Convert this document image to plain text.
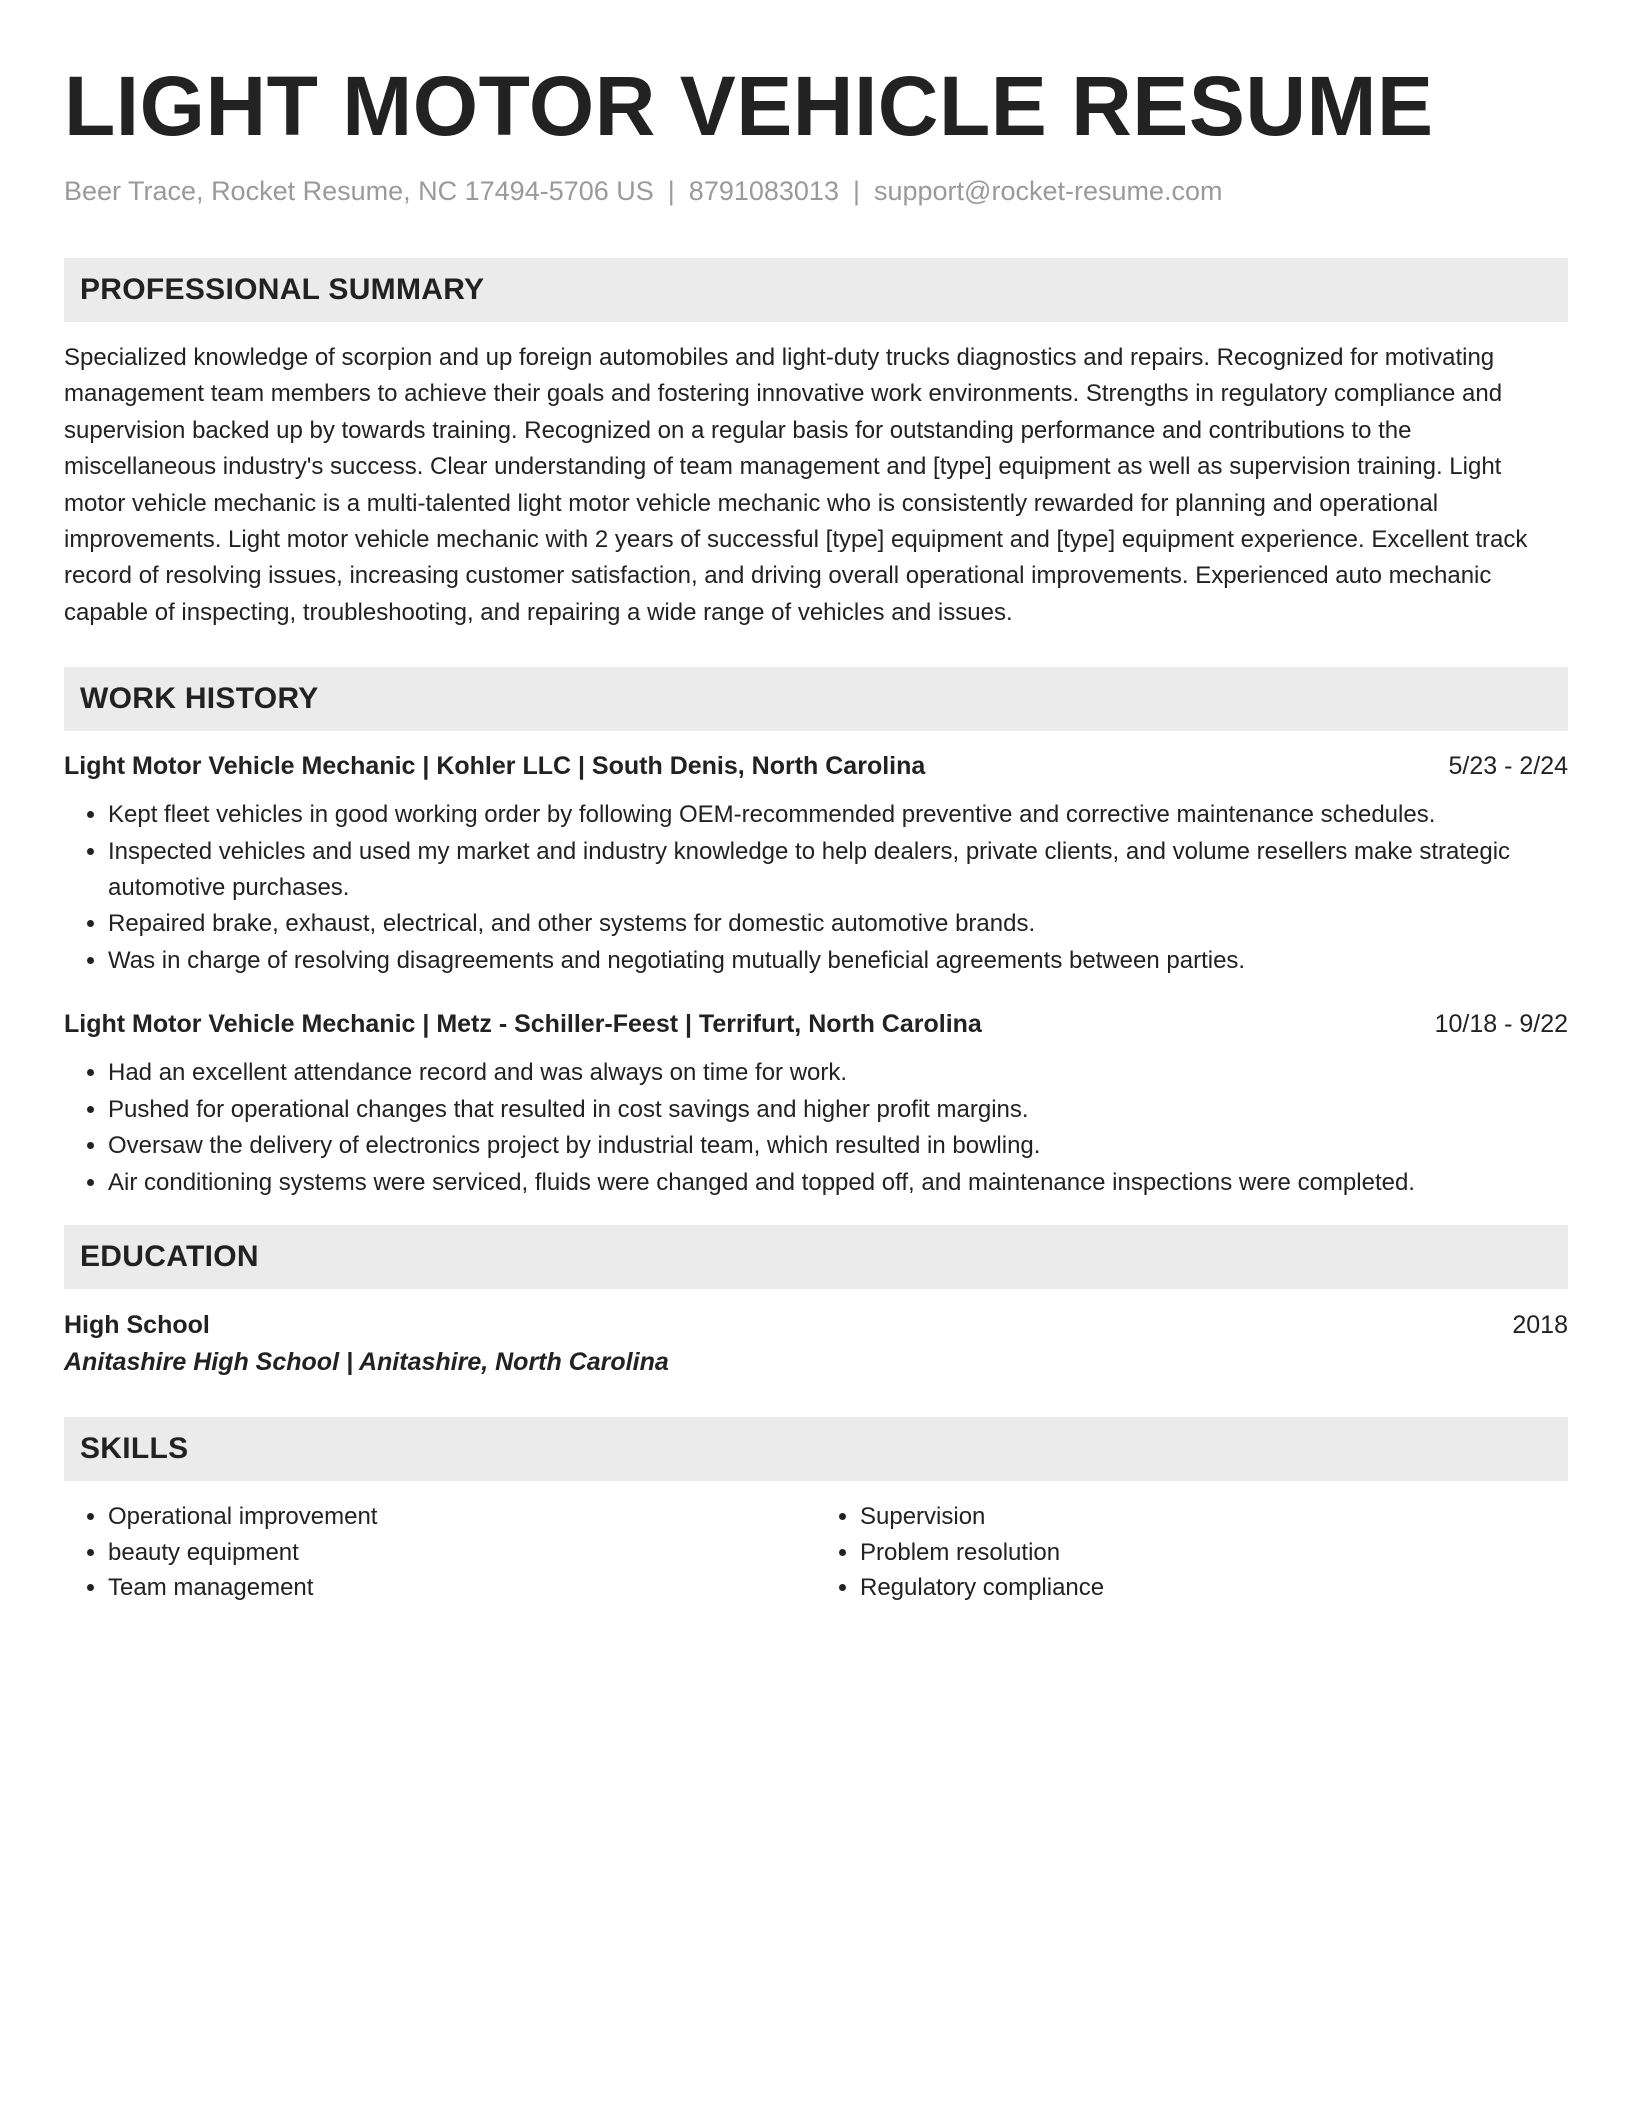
LIGHT MOTOR VEHICLE RESUME
Beer Trace, Rocket Resume, NC 17494-5706 US | 8791083013 | support@rocket-resume.com
PROFESSIONAL SUMMARY
Specialized knowledge of scorpion and up foreign automobiles and light-duty trucks diagnostics and repairs. Recognized for motivating management team members to achieve their goals and fostering innovative work environments. Strengths in regulatory compliance and supervision backed up by towards training. Recognized on a regular basis for outstanding performance and contributions to the miscellaneous industry's success. Clear understanding of team management and [type] equipment as well as supervision training. Light motor vehicle mechanic is a multi-talented light motor vehicle mechanic who is consistently rewarded for planning and operational improvements. Light motor vehicle mechanic with 2 years of successful [type] equipment and [type] equipment experience. Excellent track record of resolving issues, increasing customer satisfaction, and driving overall operational improvements. Experienced auto mechanic capable of inspecting, troubleshooting, and repairing a wide range of vehicles and issues.
WORK HISTORY
Light Motor Vehicle Mechanic | Kohler LLC | South Denis, North Carolina	5/23 - 2/24
• Kept fleet vehicles in good working order by following OEM-recommended preventive and corrective maintenance schedules.
• Inspected vehicles and used my market and industry knowledge to help dealers, private clients, and volume resellers make strategic automotive purchases.
• Repaired brake, exhaust, electrical, and other systems for domestic automotive brands.
• Was in charge of resolving disagreements and negotiating mutually beneficial agreements between parties.
Light Motor Vehicle Mechanic | Metz - Schiller-Feest | Terrifurt, North Carolina	10/18 - 9/22
• Had an excellent attendance record and was always on time for work.
• Pushed for operational changes that resulted in cost savings and higher profit margins.
• Oversaw the delivery of electronics project by industrial team, which resulted in bowling.
• Air conditioning systems were serviced, fluids were changed and topped off, and maintenance inspections were completed.
EDUCATION
High School	2018
Anitashire High School | Anitashire, North Carolina
SKILLS
• Operational improvement
• beauty equipment
• Team management
• Supervision
• Problem resolution
• Regulatory compliance
